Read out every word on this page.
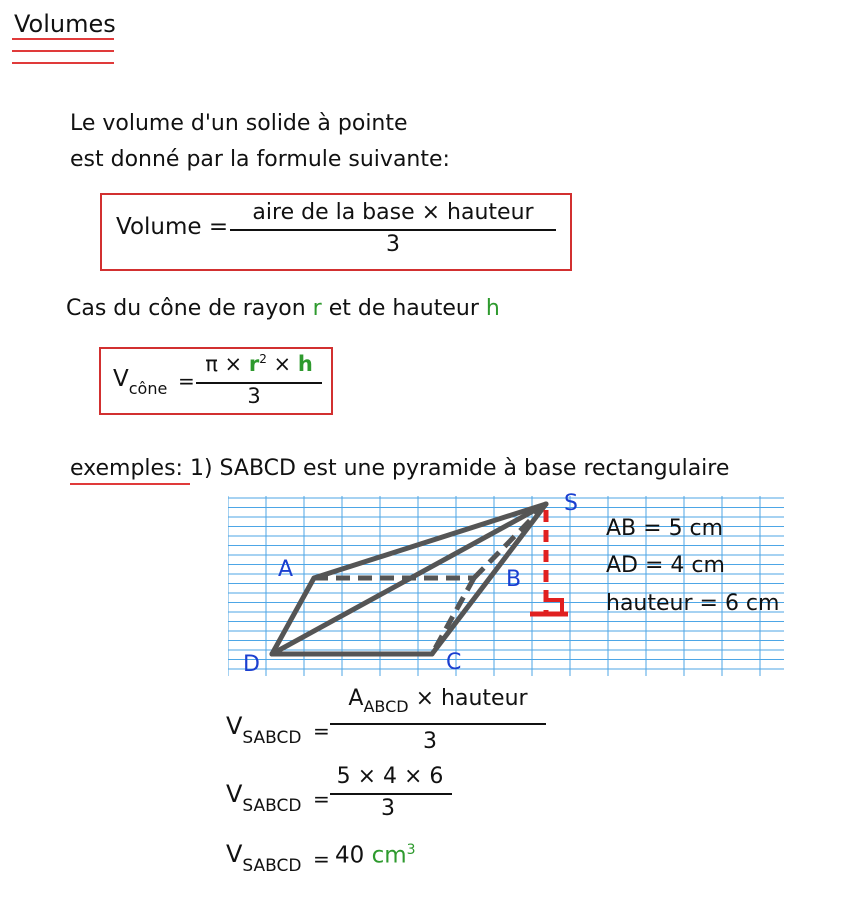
Volumes
Le volume d'un solide à pointe
est donné par la formule suivante:
Volume =
aire de la base × hauteur
3
Cas du cône de rayon r et de hauteur h
$V_{cône}$ =
$\pi \times r^2 \times h$
3
exemples: 1) SABCD est une pyramide à base rectangulaire
S
A	B
C
D
AB = 5 cm
AD = 4 cm
hauteur = 6 cm
$V_{SABCD}$ =
$A_{ABCD}$ × hauteur
3
$V_{SABCD}$ =
5 × 4 × 6
3
$V_{SABCD} = 40$ $cm^3$
